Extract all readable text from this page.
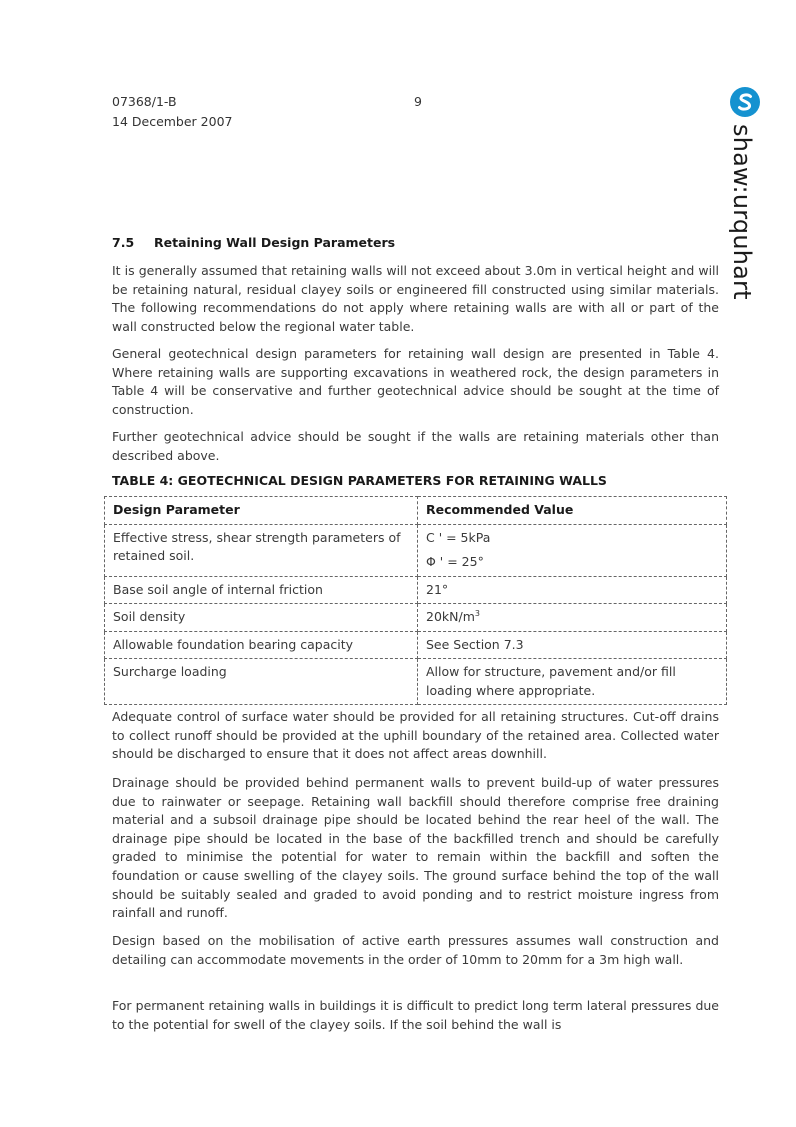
07368/1-B
14 December 2007
9
shaw:urquhart
7.5 Retaining Wall Design Parameters

It is generally assumed that retaining walls will not exceed about 3.0m in vertical height and will be retaining natural, residual clayey soils or engineered fill constructed using similar materials. The following recommendations do not apply where retaining walls are with all or part of the wall constructed below the regional water table.

General geotechnical design parameters for retaining wall design are presented in Table 4. Where retaining walls are supporting excavations in weathered rock, the design parameters in Table 4 will be conservative and further geotechnical advice should be sought at the time of construction.

Further geotechnical advice should be sought if the walls are retaining materials other than described above.

TABLE 4: GEOTECHNICAL DESIGN PARAMETERS FOR RETAINING WALLS
Design Parameter	Recommended Value
Effective stress, shear strength parameters of retained soil.	C ' = 5kPa
Φ ' = 25°

Base soil angle of internal friction	21°
Soil density	$20kN/m^3$
Allowable foundation bearing capacity	See Section 7.3
Surcharge loading	Allow for structure, pavement and/or fill loading where appropriate.

Adequate control of surface water should be provided for all retaining structures. Cut-off drains to collect runoff should be provided at the uphill boundary of the retained area. Collected water should be discharged to ensure that it does not affect areas downhill.

Drainage should be provided behind permanent walls to prevent build-up of water pressures due to rainwater or seepage. Retaining wall backfill should therefore comprise free draining material and a subsoil drainage pipe should be located behind the rear heel of the wall. The drainage pipe should be located in the base of the backfilled trench and should be carefully graded to minimise the potential for water to remain within the backfill and soften the foundation or cause swelling of the clayey soils. The ground surface behind the top of the wall should be suitably sealed and graded to avoid ponding and to restrict moisture ingress from rainfall and runoff.

Design based on the mobilisation of active earth pressures assumes wall construction and detailing can accommodate movements in the order of 10mm to 20mm for a 3m high wall.

For permanent retaining walls in buildings it is difficult to predict long term lateral pressures due to the potential for swell of the clayey soils. If the soil behind the wall is
